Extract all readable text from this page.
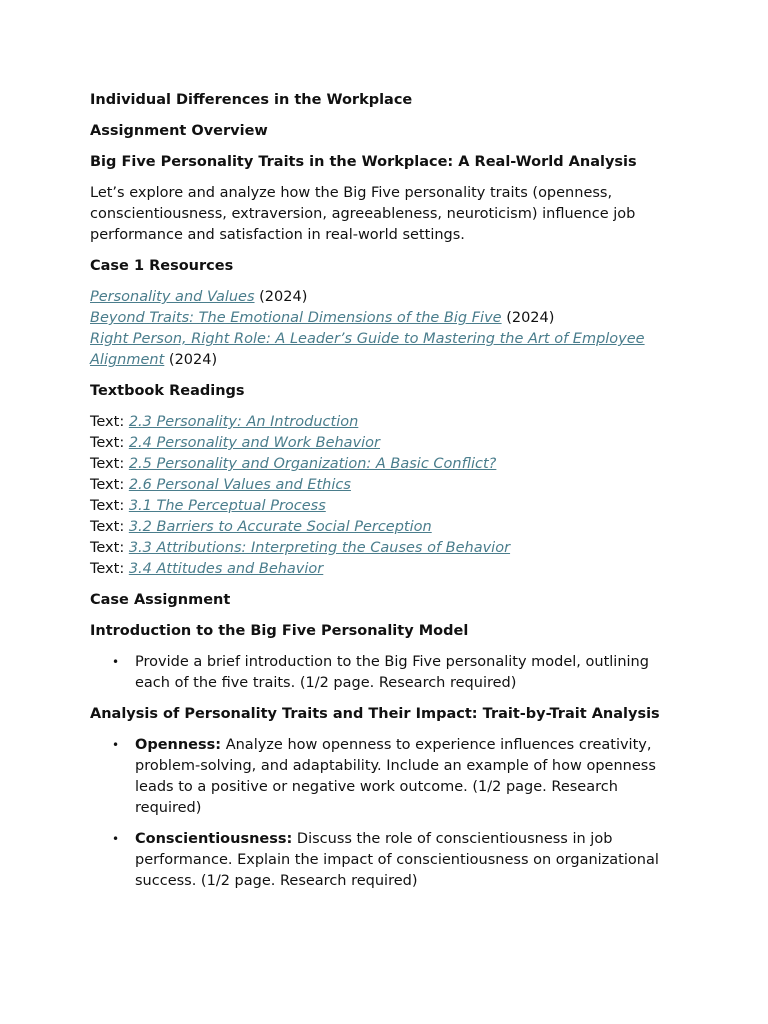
Individual Differences in the Workplace
Assignment Overview
Big Five Personality Traits in the Workplace: A Real-World Analysis
Let’s explore and analyze how the Big Five personality traits (openness, conscientiousness, extraversion, agreeableness, neuroticism) influence job performance and satisfaction in real-world settings.
Case 1 Resources
Personality and Values (2024)
Beyond Traits: The Emotional Dimensions of the Big Five (2024)
Right Person, Right Role: A Leader’s Guide to Mastering the Art of Employee Alignment (2024)
Textbook Readings
Text: 2.3 Personality: An Introduction
Text: 2.4 Personality and Work Behavior
Text: 2.5 Personality and Organization: A Basic Conflict?
Text: 2.6 Personal Values and Ethics
Text: 3.1 The Perceptual Process
Text: 3.2 Barriers to Accurate Social Perception
Text: 3.3 Attributions: Interpreting the Causes of Behavior
Text: 3.4 Attitudes and Behavior
Case Assignment
Introduction to the Big Five Personality Model
• Provide a brief introduction to the Big Five personality model, outlining each of the five traits. (1/2 page. Research required)
Analysis of Personality Traits and Their Impact: Trait-by-Trait Analysis
• Openness: Analyze how openness to experience influences creativity, problem-solving, and adaptability. Include an example of how openness leads to a positive or negative work outcome. (1/2 page. Research required)
• Conscientiousness: Discuss the role of conscientiousness in job performance. Explain the impact of conscientiousness on organizational success. (1/2 page. Research required)
